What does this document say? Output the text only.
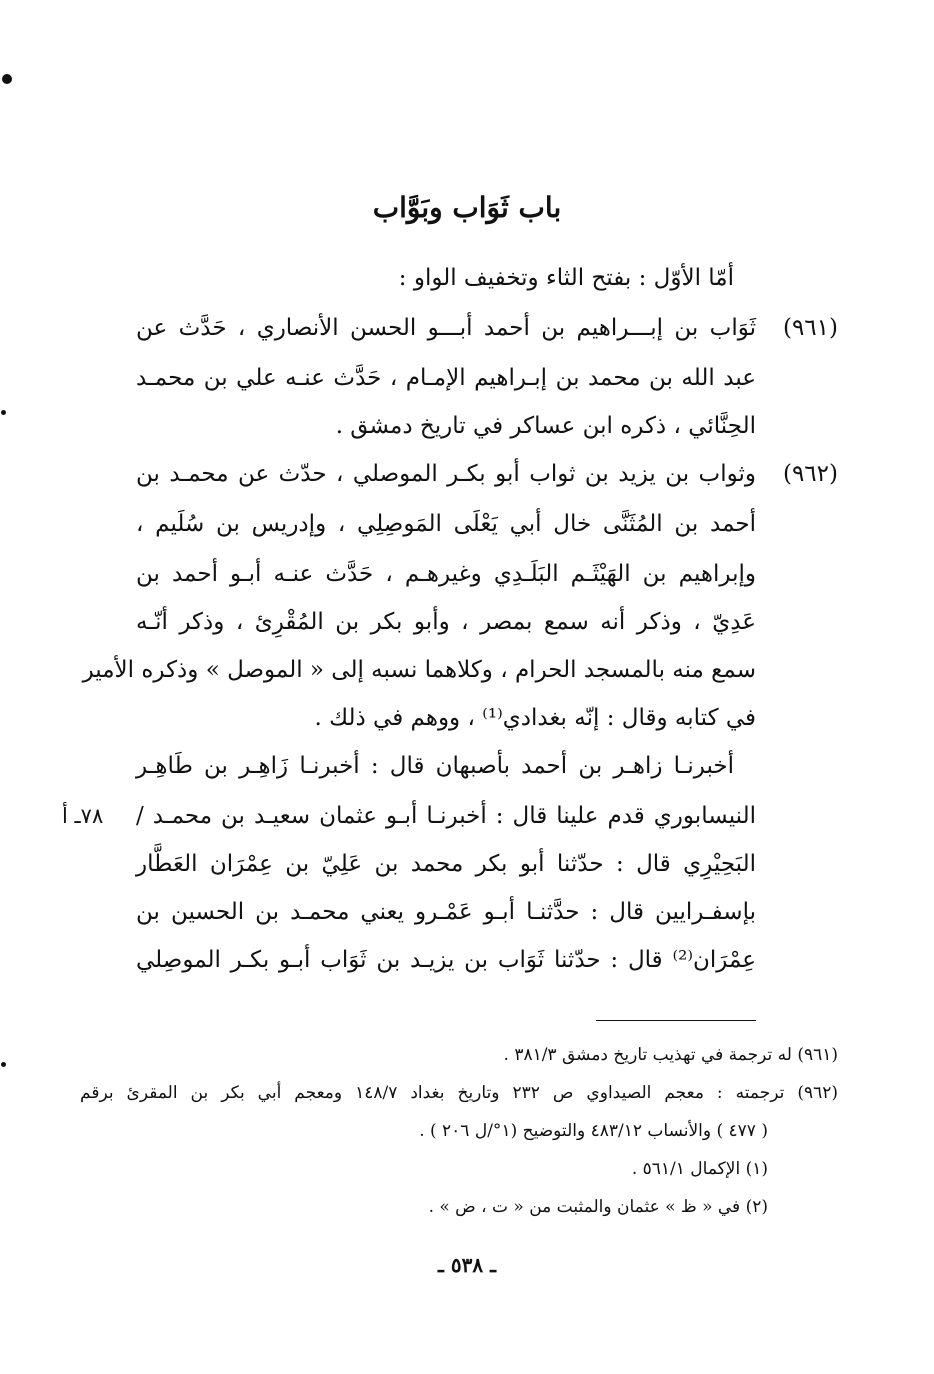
باب ثَوَاب وبَوَّاب
أمّا الأوّل : بفتح الثاء وتخفيف الواو :
(٩٦١)
ثَوَاب بن إبـــراهيم بن أحمد أبـــو الحسن الأنصاري ، حَدَّث عن
عبد الله بن محمد بن إبـراهيم الإمـام ، حَدَّث عنـه علي بن محمـد
الحِنَّائي ، ذكره ابن عساكر في تاريخ دمشق .
(٩٦٢)
وثواب بن يزيد بن ثواب أبو بكـر الموصلي ، حدّث عن محمـد بن
أحمد بن المُثَنَّى خال أبي يَعْلَى المَوصِلِي ، وإدريس بن سُلَيم ،
وإبراهيم بن الهَيْثَـم البَلَـدِي وغيرهـم ، حَدَّث عنـه أبـو أحمد بن
عَدِيّ ، وذكر أنه سمع بمصر ، وأبو بكر بن المُقْرِئ ، وذكر أنّـه
سمع منه بالمسجد الحرام ، وكلاهما نسبه إلى « الموصل » وذكره الأمير
في كتابه وقال : إنّه بغدادي⁽¹⁾ ، ووهم في ذلك .
أخبرنـا زاهـر بن أحمد بأصبهان قال : أخبرنـا زَاهِـر بن طَاهِـر
النيسابوري قدم علينا قال : أخبرنـا أبـو عثمان سعيـد بن محمـد /
٧٨ـ أ
البَحِيْرِي قال : حدّثنا أبو بكر محمد بن عَلِيّ بن عِمْرَان العَطَّار
بإسفـرايين قال : حدَّثنـا أبـو عَمْـرو يعني محمـد بن الحسين بن
عِمْرَان⁽²⁾ قال : حدّثنا ثَوَاب بن يزيـد بن ثَوَاب أبـو بكـر الموصِلي
(٩٦١) له ترجمة في تهذيب تاريخ دمشق ٣٨١/٣ .
(٩٦٢) ترجمته : معجم الصيداوي ص ٢٣٢ وتاريخ بغداد ١٤٨/٧ ومعجم أبي بكر بن المقرئ برقم
( ٤٧٧ ) والأنساب ٤٨٣/١٢ والتوضيح (١°/ل ٢٠٦ ) .
(١) الإكمال ٥٦١/١ .
(٢) في « ظ » عثمان والمثبت من « ت ، ض » .
ـ ٥٣٨ ـ
